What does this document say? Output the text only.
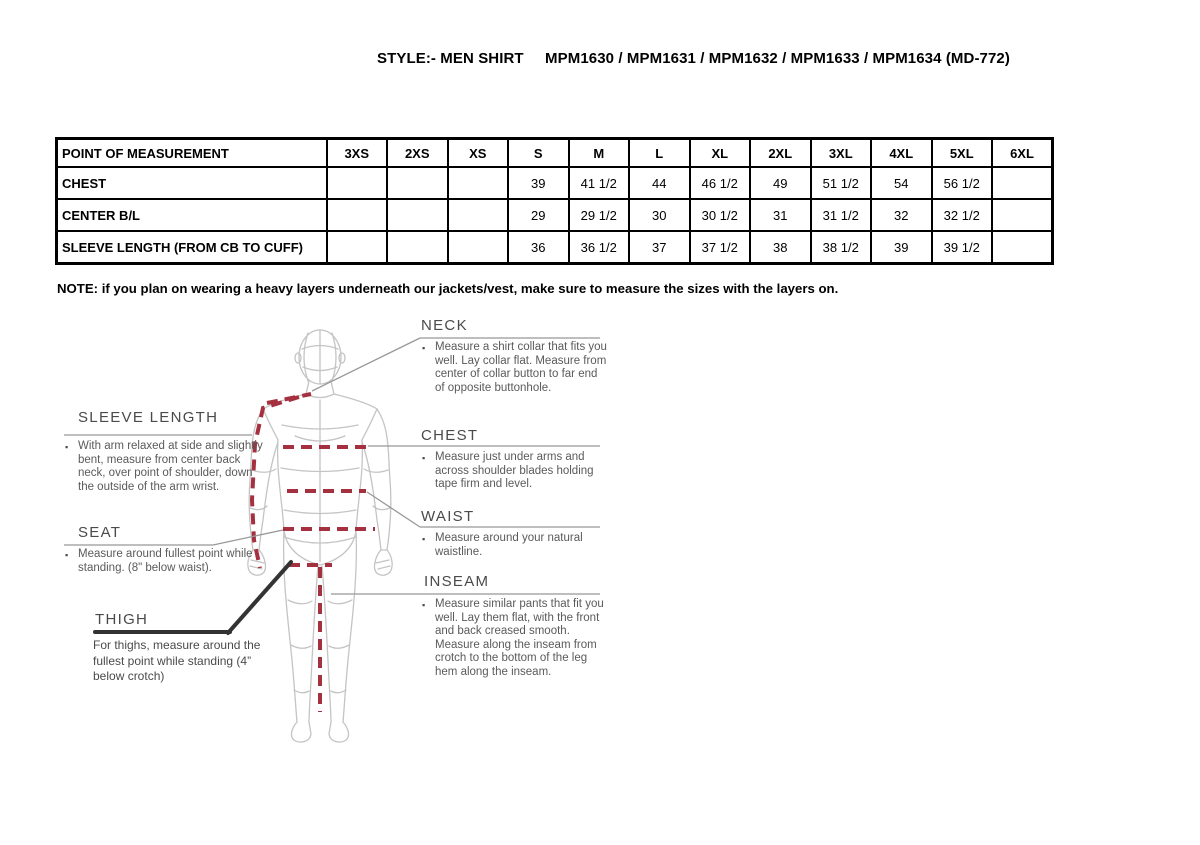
STYLE:- MEN SHIRT     MPM1630 / MPM1631 / MPM1632 / MPM1633 / MPM1634 (MD-772)
POINT OF MEASUREMENT	3XS	2XS	XS	S	M	L	XL	2XL	3XL	4XL	5XL	6XL
CHEST				39	41 1/2	44	46 1/2	49	51 1/2	54	56 1/2	
CENTER B/L				29	29 1/2	30	30 1/2	31	31 1/2	32	32 1/2	
SLEEVE LENGTH (FROM CB TO CUFF)				36	36 1/2	37	37 1/2	38	38 1/2	39	39 1/2	
NOTE: if you plan on wearing a heavy layers underneath our jackets/vest, make sure to measure the sizes with the layers on.
NECK
▪ Measure a shirt collar that fits you well. Lay collar flat. Measure from center of collar button to far end of opposite buttonhole.
CHEST
▪ Measure just under arms and across shoulder blades holding tape firm and level.
WAIST
▪ Measure around your natural waistline.
INSEAM
▪ Measure similar pants that fit you well. Lay them flat, with the front and back creased smooth. Measure along the inseam from crotch to the bottom of the leg hem along the inseam.
SLEEVE LENGTH
▪ With arm relaxed at side and slightly bent, measure from center back neck, over point of shoulder, down the outside of the arm wrist.
SEAT
▪ Measure around fullest point while standing. (8" below waist).
THIGH
For thighs, measure around the fullest point while standing (4” below crotch)
